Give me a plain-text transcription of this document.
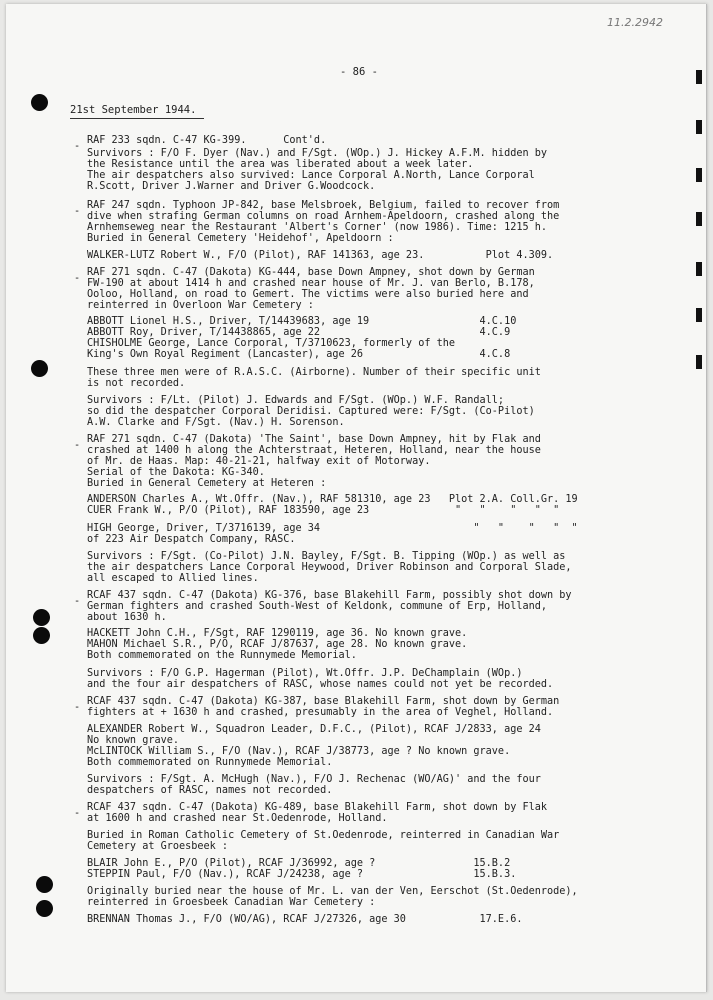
11.2.2942
- 86 -
21st September 1944.
-
RAF 233 sqdn. C-47 KG-399.      Cont'd.
Survivors : F/O F. Dyer (Nav.) and F/Sgt. (WOp.) J. Hickey A.F.M. hidden by
the Resistance until the area was liberated about a week later.
The air despatchers also survived: Lance Corporal A.North, Lance Corporal
R.Scott, Driver J.Warner and Driver G.Woodcock.
-
RAF 247 sqdn. Typhoon JP-842, base Melsbroek, Belgium, failed to recover from
dive when strafing German columns on road Arnhem-Apeldoorn, crashed along the
Arnhemseweg near the Restaurant 'Albert's Corner' (now 1986). Time: 1215 h.
Buried in General Cemetery 'Heidehof', Apeldoorn :
WALKER-LUTZ Robert W., F/O (Pilot), RAF 141363, age 23.          Plot 4.309.
-
RAF 271 sqdn. C-47 (Dakota) KG-444, base Down Ampney, shot down by German
FW-190 at about 1414 h and crashed near house of Mr. J. van Berlo, B.178,
Ooloo, Holland, on road to Gemert. The victims were also buried here and
reinterred in Overloon War Cemetery :
ABBOTT Lionel H.S., Driver, T/14439683, age 19                  4.C.10
ABBOTT Roy, Driver, T/14438865, age 22                          4.C.9
CHISHOLME George, Lance Corporal, T/3710623, formerly of the
King's Own Royal Regiment (Lancaster), age 26                   4.C.8
These three men were of R.A.S.C. (Airborne). Number of their specific unit
is not recorded.
Survivors : F/Lt. (Pilot) J. Edwards and F/Sgt. (WOp.) W.F. Randall;
so did the despatcher Corporal Deridisi. Captured were: F/Sgt. (Co-Pilot)
A.W. Clarke and F/Sgt. (Nav.) H. Sorenson.
-
RAF 271 sqdn. C-47 (Dakota) 'The Saint', base Down Ampney, hit by Flak and
crashed at 1400 h along the Achterstraat, Heteren, Holland, near the house
of Mr. de Haas. Map: 40-21-21, halfway exit of Motorway.
Serial of the Dakota: KG-340.
Buried in General Cemetery at Heteren :
ANDERSON Charles A., Wt.Offr. (Nav.), RAF 581310, age 23   Plot 2.A. Coll.Gr. 19
CUER Frank W., P/O (Pilot), RAF 183590, age 23              "   "    "   "  "
HIGH George, Driver, T/3716139, age 34                         "   "    "   "  "
of 223 Air Despatch Company, RASC.
Survivors : F/Sgt. (Co-Pilot) J.N. Bayley, F/Sgt. B. Tipping (WOp.) as well as
the air despatchers Lance Corporal Heywood, Driver Robinson and Corporal Slade,
all escaped to Allied lines.
-
RCAF 437 sqdn. C-47 (Dakota) KG-376, base Blakehill Farm, possibly shot down by
German fighters and crashed South-West of Keldonk, commune of Erp, Holland,
about 1630 h.
HACKETT John C.H., F/Sgt, RAF 1290119, age 36. No known grave.
MAHON Michael S.R., P/O, RCAF J/87637, age 28. No known grave.
Both commemorated on the Runnymede Memorial.
Survivors : F/O G.P. Hagerman (Pilot), Wt.Offr. J.P. DeChamplain (WOp.)
and the four air despatchers of RASC, whose names could not yet be recorded.
-
RCAF 437 sqdn. C-47 (Dakota) KG-387, base Blakehill Farm, shot down by German
fighters at + 1630 h and crashed, presumably in the area of Veghel, Holland.
ALEXANDER Robert W., Squadron Leader, D.F.C., (Pilot), RCAF J/2833, age 24
No known grave.
McLINTOCK William S., F/O (Nav.), RCAF J/38773, age ? No known grave.
Both commemorated on Runnymede Memorial.
Survivors : F/Sgt. A. McHugh (Nav.), F/O J. Rechenac (WO/AG)' and the four
despatchers of RASC, names not recorded.
-
RCAF 437 sqdn. C-47 (Dakota) KG-489, base Blakehill Farm, shot down by Flak
at 1600 h and crashed near St.Oedenrode, Holland.
Buried in Roman Catholic Cemetery of St.Oedenrode, reinterred in Canadian War
Cemetery at Groesbeek :
BLAIR John E., P/O (Pilot), RCAF J/36992, age ?                15.B.2
STEPPIN Paul, F/O (Nav.), RCAF J/24238, age ?                  15.B.3.
Originally buried near the house of Mr. L. van der Ven, Eerschot (St.Oedenrode),
reinterred in Groesbeek Canadian War Cemetery :
BRENNAN Thomas J., F/O (WO/AG), RCAF J/27326, age 30            17.E.6.
